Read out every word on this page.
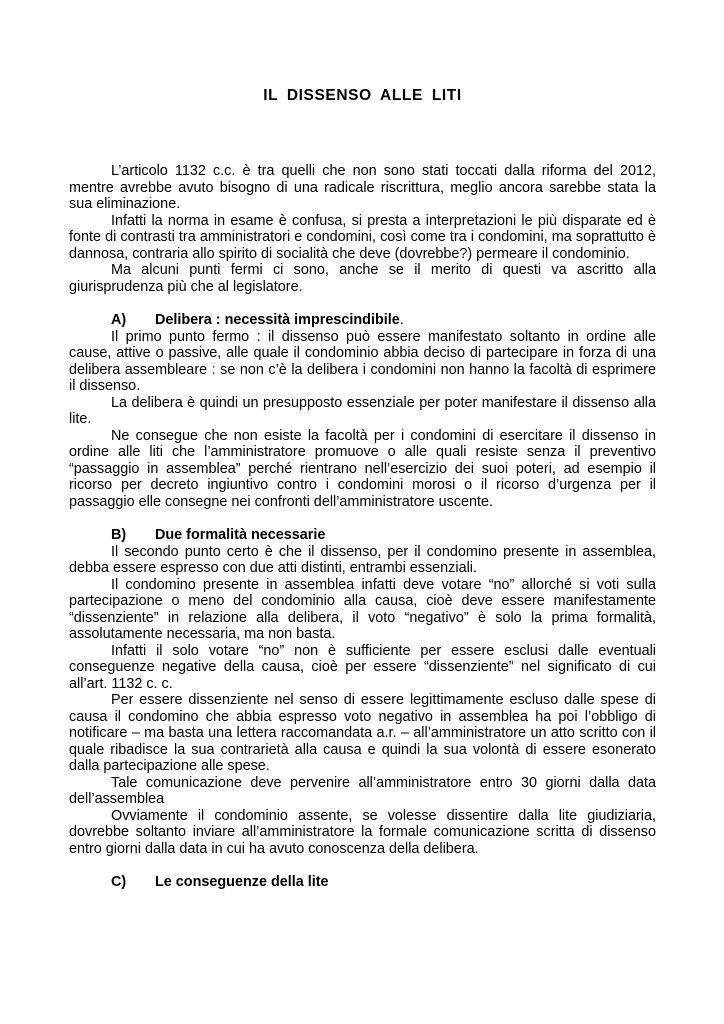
IL DISSENSO ALLE LITI

L’articolo 1132 c.c. è tra quelli che non sono stati toccati dalla riforma del 2012, mentre avrebbe avuto bisogno di una radicale riscrittura, meglio ancora sarebbe stata la sua eliminazione.

Infatti la norma in esame è confusa, si presta a interpretazioni le più disparate ed è fonte di contrasti tra amministratori e condomini, così come tra i condomini, ma soprattutto è dannosa, contraria allo spirito di socialità che deve (dovrebbe?) permeare il condominio.

Ma alcuni punti fermi ci sono, anche se il merito di questi va ascritto alla giurisprudenza più che al legislatore.

A)	Delibera : necessità imprescindibile.

Il primo punto fermo : il dissenso può essere manifestato soltanto in ordine alle cause, attive o passive, alle quale il condominio abbia deciso di partecipare in forza di una delibera assembleare : se non c’è la delibera i condomini non hanno la facoltà di esprimere il dissenso.

La delibera è quindi un presupposto essenziale per poter manifestare il dissenso alla lite.

Ne consegue che non esiste la facoltà per i condomini di esercitare il dissenso in ordine alle liti che l’amministratore promuove o alle quali resiste senza il preventivo “passaggio in assemblea” perché rientrano nell’esercizio dei suoi poteri, ad esempio il ricorso per decreto ingiuntivo contro i condomini morosi o il ricorso d’urgenza per il passaggio elle consegne nei confronti dell’amministratore uscente.

B)	Due formalità necessarie

Il secondo punto certo è che il dissenso, per il condomino presente in assemblea, debba essere espresso con due atti distinti, entrambi essenziali.

Il condomino presente in assemblea infatti deve votare “no” allorché si voti sulla partecipazione o meno del condominio alla causa, cioè deve essere manifestamente “dissenziente” in relazione alla delibera, il voto “negativo” è solo la prima formalità, assolutamente necessaria, ma non basta.

Infatti il solo votare “no” non è sufficiente per essere esclusi dalle eventuali conseguenze negative della causa, cioè per essere “dissenziente” nel significato di cui all’art. 1132 c. c.

Per essere dissenziente nel senso di essere legittimamente escluso dalle spese di causa il condomino che abbia espresso voto negativo in assemblea ha poi l’obbligo di notificare – ma basta una lettera raccomandata a.r. – all’amministratore un atto scritto con il quale ribadisce la sua contrarietà alla causa e quindi la sua volontà di essere esonerato dalla partecipazione alle spese.

Tale comunicazione deve pervenire all’amministratore entro 30 giorni dalla data dell’assemblea

Ovviamente il condominio assente, se volesse dissentire dalla lite giudiziaria, dovrebbe soltanto inviare all’amministratore la formale comunicazione scritta di dissenso entro giorni dalla data in cui ha avuto conoscenza della delibera.

C)	Le conseguenze della lite
